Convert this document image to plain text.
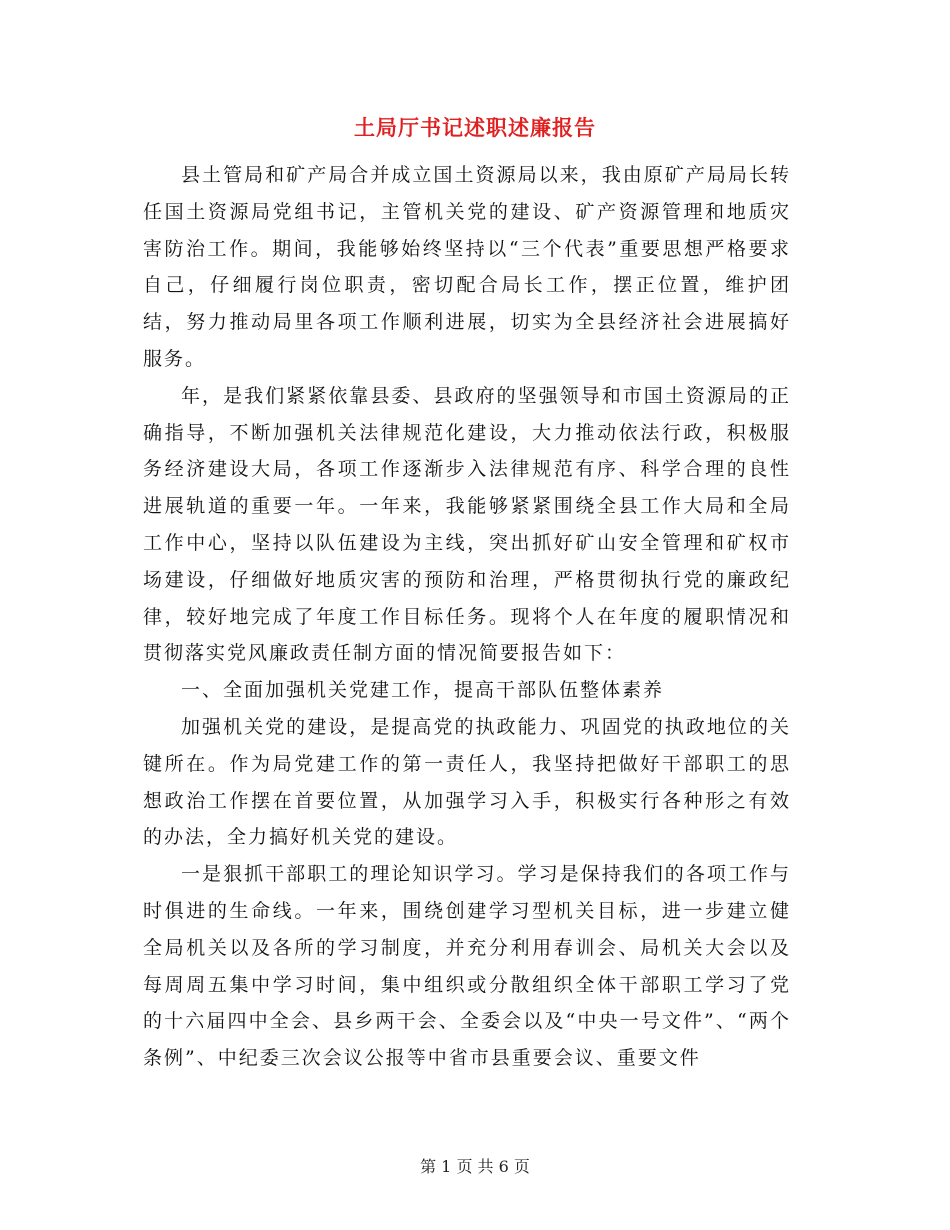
土局厅书记述职述廉报告

县土管局和矿产局合并成立国土资源局以来，我由原矿产局局长转任国土资源局党组书记，主管机关党的建设、矿产资源管理和地质灾害防治工作。期间，我能够始终坚持以“三个代表”重要思想严格要求自己，仔细履行岗位职责，密切配合局长工作，摆正位置，维护团结，努力推动局里各项工作顺利进展，切实为全县经济社会进展搞好服务。

年，是我们紧紧依靠县委、县政府的坚强领导和市国土资源局的正确指导，不断加强机关法律规范化建设，大力推动依法行政，积极服务经济建设大局，各项工作逐渐步入法律规范有序、科学合理的良性进展轨道的重要一年。一年来，我能够紧紧围绕全县工作大局和全局工作中心，坚持以队伍建设为主线，突出抓好矿山安全管理和矿权市场建设，仔细做好地质灾害的预防和治理，严格贯彻执行党的廉政纪律，较好地完成了年度工作目标任务。现将个人在年度的履职情况和贯彻落实党风廉政责任制方面的情况简要报告如下：

一、全面加强机关党建工作，提高干部队伍整体素养

加强机关党的建设，是提高党的执政能力、巩固党的执政地位的关键所在。作为局党建工作的第一责任人，我坚持把做好干部职工的思想政治工作摆在首要位置，从加强学习入手，积极实行各种形之有效的办法，全力搞好机关党的建设。

一是狠抓干部职工的理论知识学习。学习是保持我们的各项工作与时俱进的生命线。一年来，围绕创建学习型机关目标，进一步建立健全局机关以及各所的学习制度，并充分利用春训会、局机关大会以及每周周五集中学习时间，集中组织或分散组织全体干部职工学习了党的十六届四中全会、县乡两干会、全委会以及“中央一号文件”、“两个条例”、中纪委三次会议公报等中省市县重要会议、重要文件

第 1 页 共 6 页
